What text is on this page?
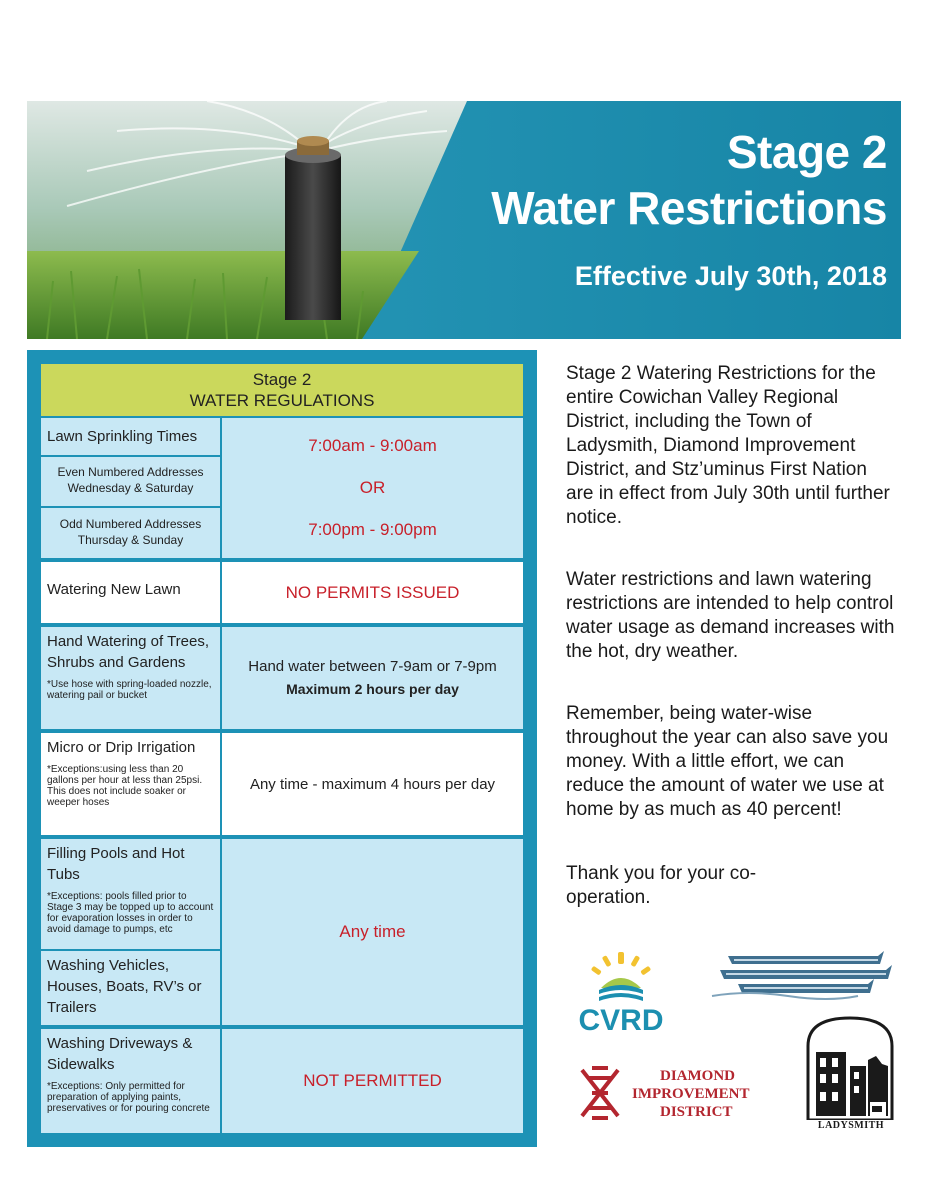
Stage 2
Water Restrictions
Effective July 30th, 2018
Stage 2
WATER REGULATIONS
Lawn Sprinkling Times
Even Numbered Addresses
Wednesday & Saturday
Odd Numbered Addresses
Thursday & Sunday
7:00am - 9:00am
OR
7:00pm - 9:00pm
Watering New Lawn	NO PERMITS ISSUED
Hand Watering of Trees, Shrubs and Gardens
*Use hose with spring-loaded nozzle, watering pail or bucket
Hand water between 7-9am or 7-9pm
Maximum 2 hours per day
Micro or Drip Irrigation
*Exceptions:using less than 20 gallons per hour at less than 25psi. This does not include soaker or weeper hoses
Any time - maximum 4 hours per day
Filling Pools and Hot Tubs
*Exceptions: pools filled prior to Stage 3 may be topped up to account for evaporation losses in order to avoid damage to pumps, etc
Washing Vehicles, Houses, Boats, RV’s or Trailers
Any time
Washing Driveways & Sidewalks
*Exceptions: Only permitted for preparation of applying paints, preservatives or for pouring concrete
NOT PERMITTED

Stage 2 Watering Restrictions for the entire Cowichan Valley Regional District, including the Town of Ladysmith, Diamond Improvement District, and Stz’uminus First Nation are in effect from July 30th until further notice.

Water restrictions and lawn watering restrictions are intended to help control water usage as demand increases with the hot, dry weather.

Remember, being water-wise throughout the year can also save you money. With a little effort, we can reduce the amount of water we use at home by as much as 40 percent!

Thank you for your co-operation.

CVRD
DIAMOND
IMPROVEMENT
DISTRICT
LADYSMITH
